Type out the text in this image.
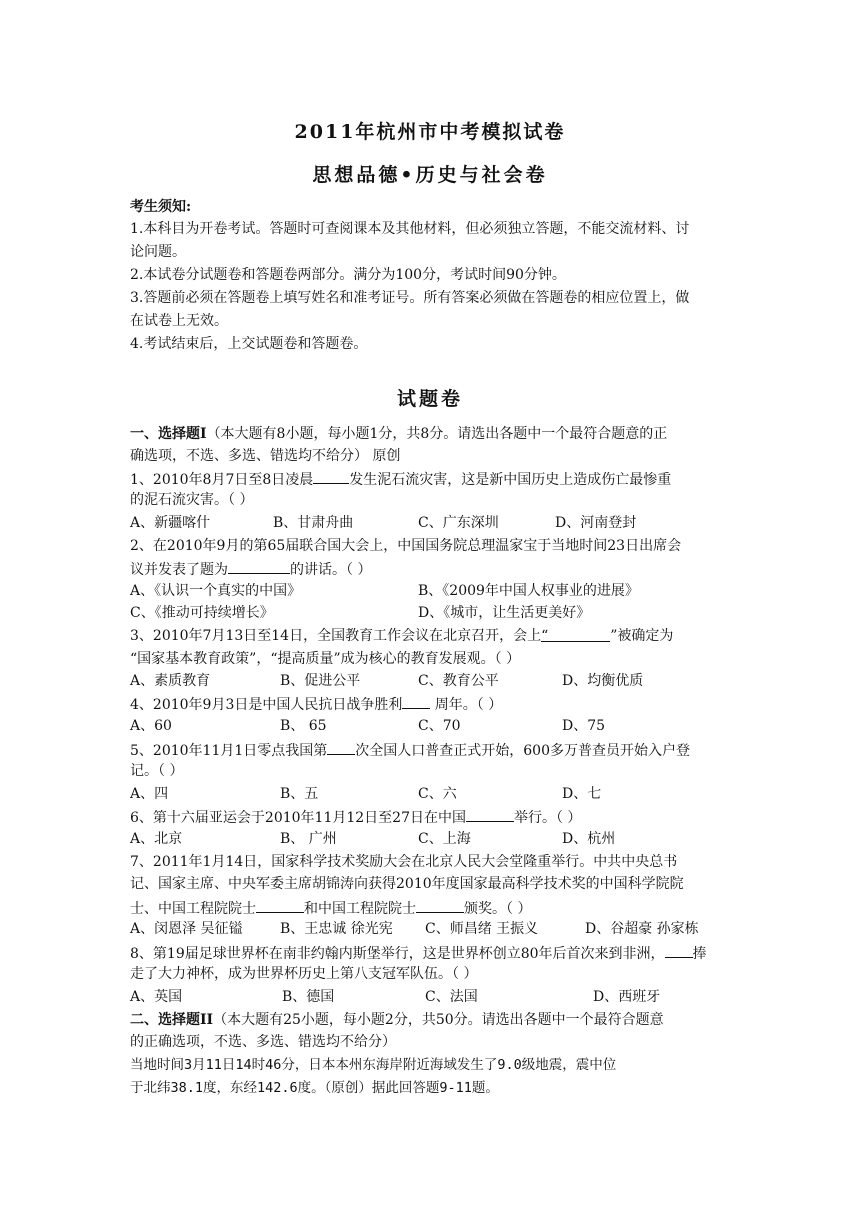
2011年杭州市中考模拟试卷
思想品德•历史与社会卷
考生须知:
1.本科目为开卷考试。答题时可查阅课本及其他材料，但必须独立答题，不能交流材料、讨
论问题。
2.本试卷分试题卷和答题卷两部分。满分为100分，考试时间90分钟。
3.答题前必须在答题卷上填写姓名和准考证号。所有答案必须做在答题卷的相应位置上，做
在试卷上无效。
4.考试结束后，上交试题卷和答题卷。
试题卷
一、选择题Ⅰ（本大题有8小题，每小题1分，共8分。请选出各题中一个最符合题意的正
确选项，不选、多选、错选均不给分） 原创
1、2010年8月7日至8日凌晨	发生泥石流灾害，这是新中国历史上造成伤亡最惨重
的泥石流灾害。（ ）
A、新疆喀什	B、甘肃舟曲	C、广东深圳	D、河南登封
2、在2010年9月的第65届联合国大会上，中国国务院总理温家宝于当地时间23日出席会
议并发表了题为	的讲话。（ ）
A、《认识一个真实的中国》	B、《2009年中国人权事业的进展》
C、《推动可持续增长》	D、《城市，让生活更美好》
3、2010年7月13日至14日，全国教育工作会议在北京召开，会上“	”被确定为
“国家基本教育政策”，“提高质量”成为核心的教育发展观。（ ）
A、素质教育	B、促进公平	C、教育公平	D、均衡优质
4、2010年9月3日是中国人民抗日战争胜利 周年。（ ）
A、60	B、 65	C、70	D、75
5、2010年11月1日零点我国第 次全国人口普查正式开始，600多万普查员开始入户登
记。（ ）
A、四	B、五	C、六	D、七
6、第十六届亚运会于2010年11月12日至27日在中国	举行。（ ）
A、北京	B、 广州	C、上海	D、杭州
7、2011年1月14日，国家科学技术奖励大会在北京人民大会堂隆重举行。中共中央总书
记、国家主席、中央军委主席胡锦涛向获得2010年度国家最高科学技术奖的中国科学院院
士、中国工程院院士	和中国工程院院士	颁奖。（ ）
A、闵恩泽 吴征镒	B、王忠诚 徐光宪 C、师昌绪 王振义	D、谷超豪 孙家栋
8、第19届足球世界杯在南非约翰内斯堡举行，这是世界杯创立80年后首次来到非洲， 捧
走了大力神杯，成为世界杯历史上第八支冠军队伍。（ ）
A、英国	B、德国	C、法国	D、西班牙
二、选择题II（本大题有25小题，每小题2分，共50分。请选出各题中一个最符合题意
的正确选项，不选、多选、错选均不给分）
当地时间3月11日14时46分，日本本州东海岸附近海域发生了9.0级地震，震中位
于北纬38.1度，东经142.6度。（原创）据此回答题9-11题。
